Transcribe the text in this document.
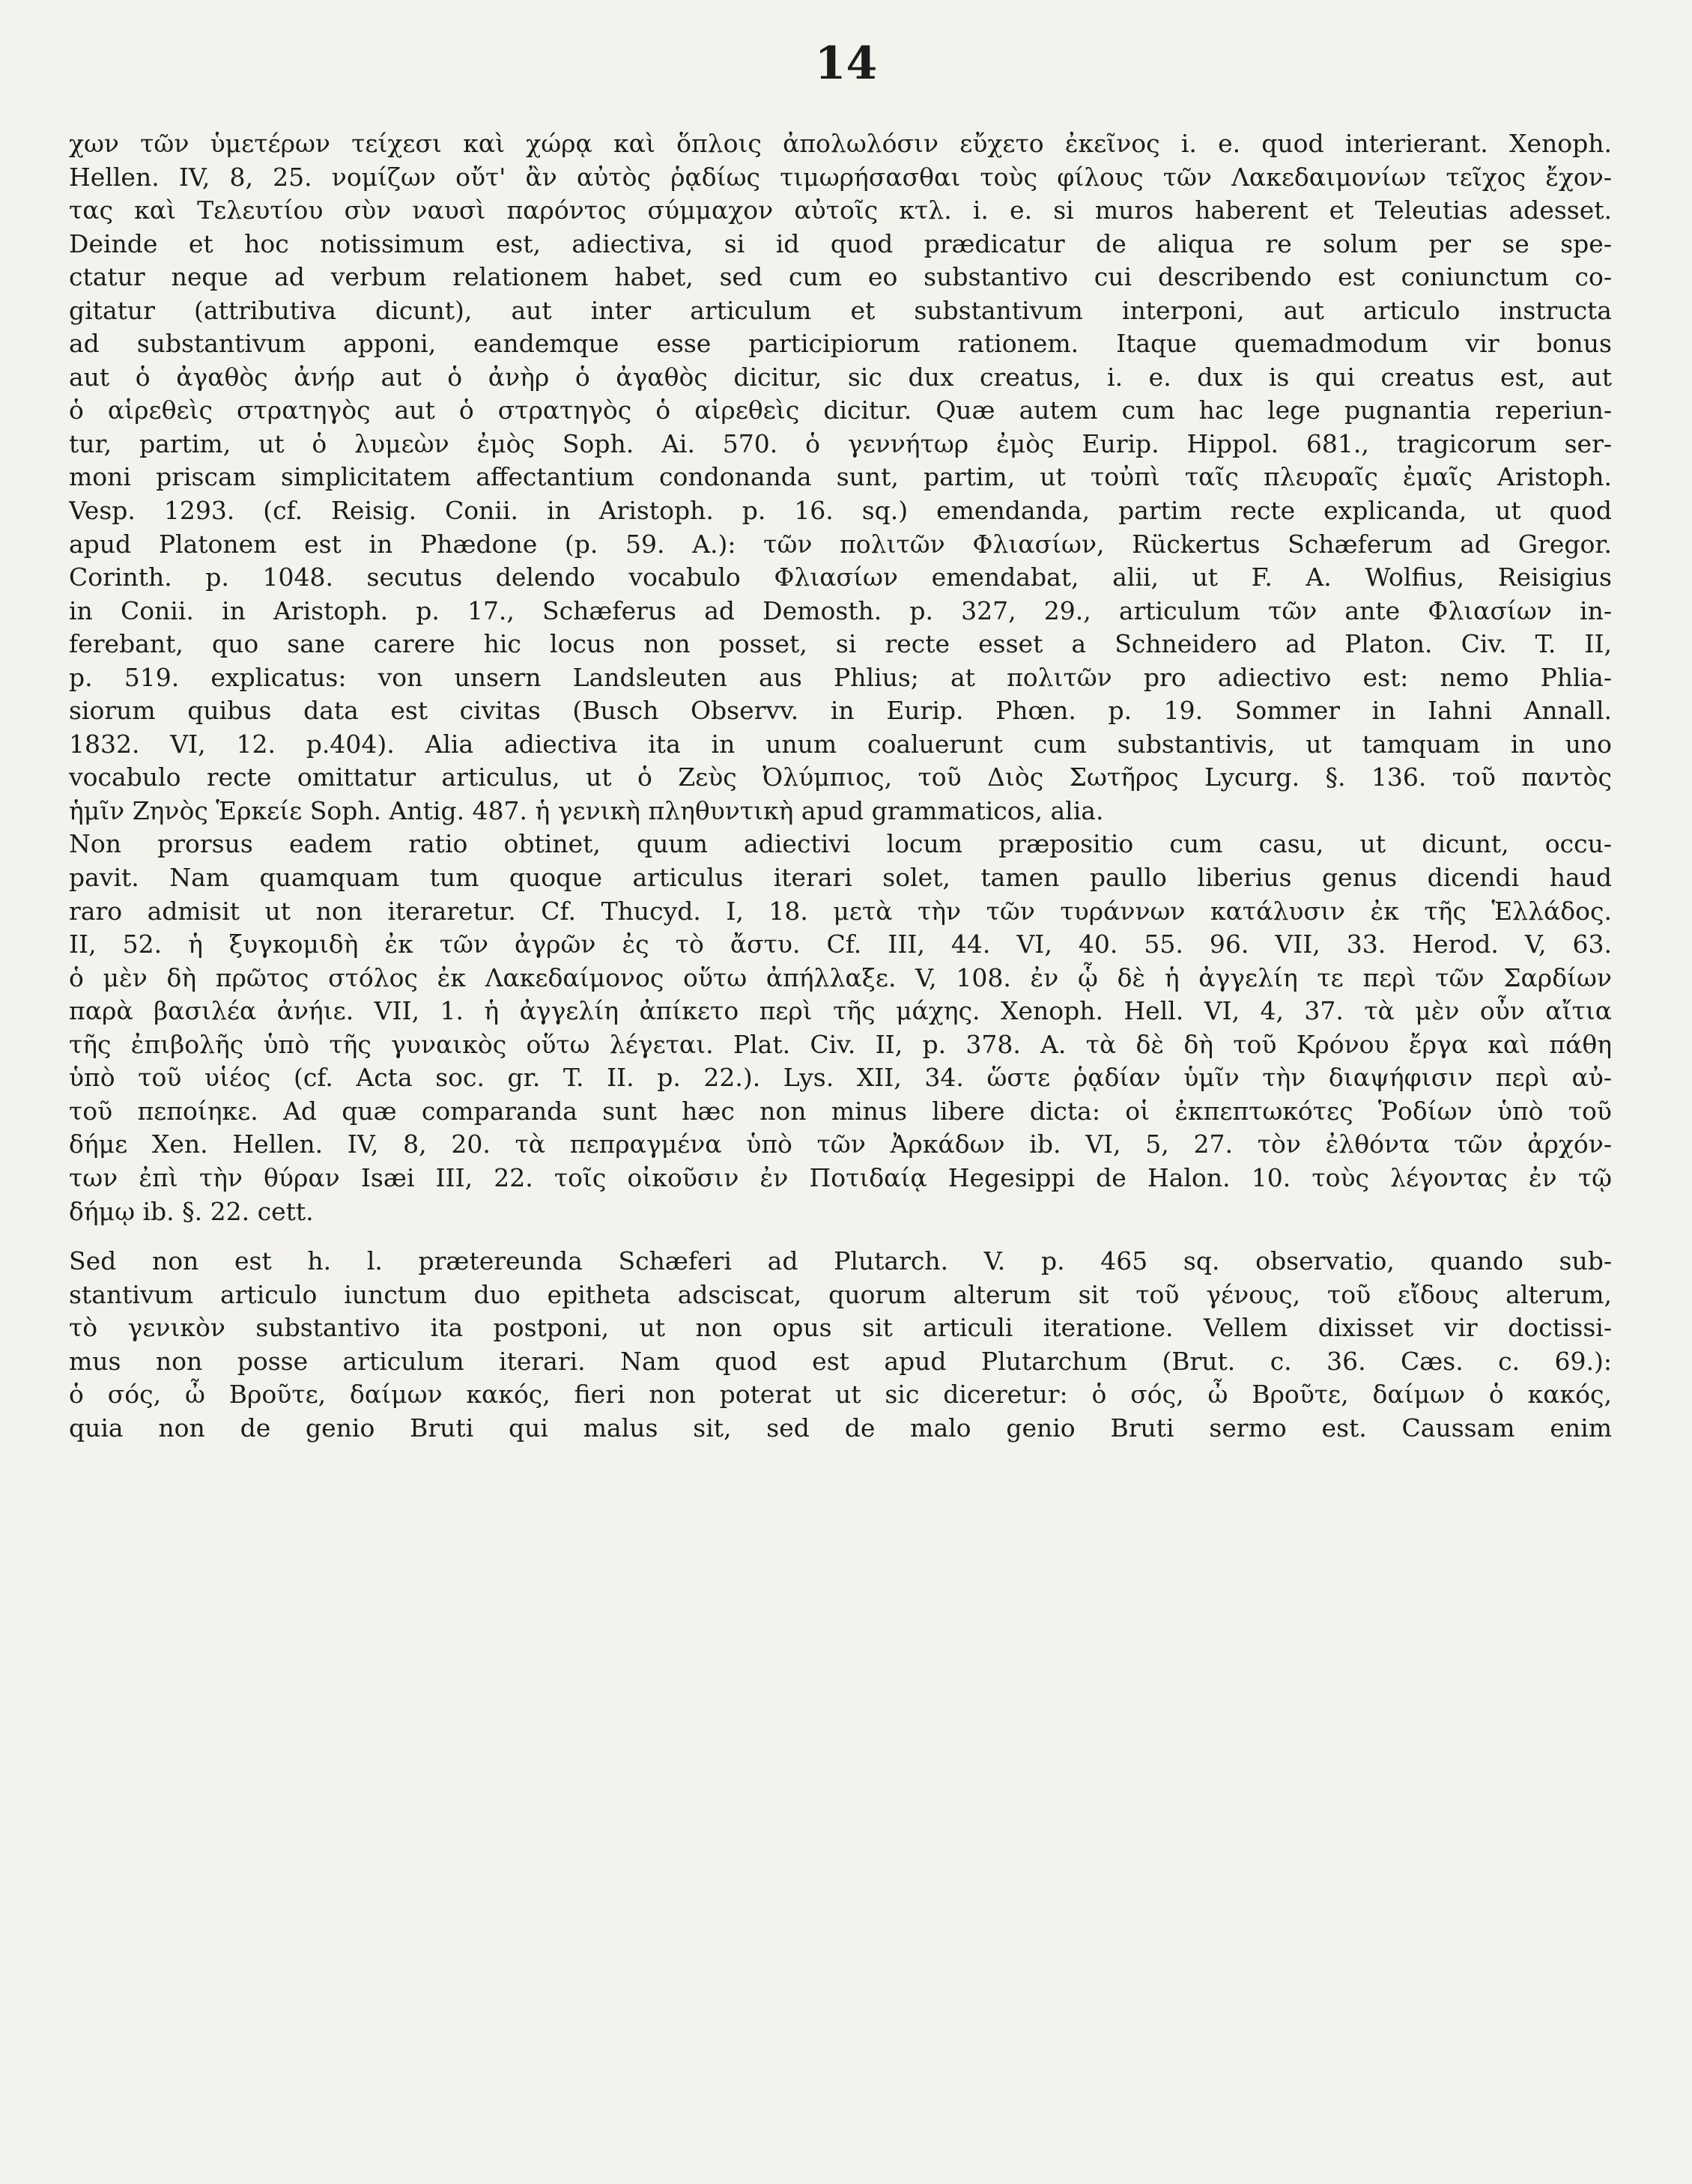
14
χων τῶν ὑμετέρων τείχεσι καὶ χώρᾳ καὶ ὅπλοις ἀπολωλόσιν εὔχετο ἐκεῖνος i. e. quod interierant. Xenoph.
Hellen. IV, 8, 25. νομίζων οὔτ' ἂν αὐτὸς ῥᾳδίως τιμωρήσασθαι τοὺς φίλους τῶν Λακεδαιμονίων τεῖχος ἔχον-
τας καὶ Τελευτίου σὺν ναυσὶ παρόντος σύμμαχον αὐτοῖς κτλ. i. e. si muros haberent et Teleutias adesset.
Deinde et hoc notissimum est, adiectiva, si id quod prædicatur de aliqua re solum per se spe-
ctatur neque ad verbum relationem habet, sed cum eo substantivo cui describendo est coniunctum co-
gitatur (attributiva dicunt), aut inter articulum et substantivum interponi, aut articulo instructa
ad substantivum apponi, eandemque esse participiorum rationem. Itaque quemadmodum vir bonus
aut ὁ ἀγαθὸς ἀνήρ aut ὁ ἀνὴρ ὁ ἀγαθὸς dicitur, sic dux creatus, i. e. dux is qui creatus est, aut
ὁ αἱρεθεὶς στρατηγὸς aut ὁ στρατηγὸς ὁ αἱρεθεὶς dicitur. Quæ autem cum hac lege pugnantia reperiun-
tur, partim, ut ὁ λυμεὼν ἐμὸς Soph. Ai. 570. ὁ γεννήτωρ ἐμὸς Eurip. Hippol. 681., tragicorum ser-
moni priscam simplicitatem affectantium condonanda sunt, partim, ut τοὐπὶ ταῖς πλευραῖς ἐμαῖς Aristoph.
Vesp. 1293. (cf. Reisig. Conii. in Aristoph. p. 16. sq.) emendanda, partim recte explicanda, ut quod
apud Platonem est in Phædone (p. 59. A.): τῶν πολιτῶν Φλιασίων, Rückertus Schæferum ad Gregor.
Corinth. p. 1048. secutus delendo vocabulo Φλιασίων emendabat, alii, ut F. A. Wolfius, Reisigius
in Conii. in Aristoph. p. 17., Schæferus ad Demosth. p. 327, 29., articulum τῶν ante Φλιασίων in-
ferebant, quo sane carere hic locus non posset, si recte esset a Schneidero ad Platon. Civ. T. II,
p. 519. explicatus: von unsern Landsleuten aus Phlius; at πολιτῶν pro adiectivo est: nemo Phlia-
siorum quibus data est civitas (Busch Observv. in Eurip. Phœn. p. 19. Sommer in Iahni Annall.
1832. VI, 12. p.404). Alia adiectiva ita in unum coaluerunt cum substantivis, ut tamquam in uno
vocabulo recte omittatur articulus, ut ὁ Ζεὺς Ὀλύμπιος, τοῦ Διὸς Σωτῆρος Lycurg. §. 136. τοῦ παντὸς
ἡμῖν Ζηνὸς Ἑρκείε Soph. Antig. 487. ἡ γενικὴ πληθυντικὴ apud grammaticos, alia.
Non prorsus eadem ratio obtinet, quum adiectivi locum præpositio cum casu, ut dicunt, occu-
pavit. Nam quamquam tum quoque articulus iterari solet, tamen paullo liberius genus dicendi haud
raro admisit ut non iteraretur. Cf. Thucyd. I, 18. μετὰ τὴν τῶν τυράννων κατάλυσιν ἐκ τῆς Ἑλλάδος.
II, 52. ἡ ξυγκομιδὴ ἐκ τῶν ἀγρῶν ἐς τὸ ἄστυ. Cf. III, 44. VI, 40. 55. 96. VII, 33. Herod. V, 63.
ὁ μὲν δὴ πρῶτος στόλος ἐκ Λακεδαίμονος οὕτω ἀπήλλαξε. V, 108. ἐν ᾧ δὲ ἡ ἀγγελίη τε περὶ τῶν Σαρδίων
παρὰ βασιλέα ἀνήιε. VII, 1. ἡ ἀγγελίη ἀπίκετο περὶ τῆς μάχης. Xenoph. Hell. VI, 4, 37. τὰ μὲν οὖν αἴτια
τῆς ἐπιβολῆς ὑπὸ τῆς γυναικὸς οὕτω λέγεται. Plat. Civ. II, p. 378. A. τὰ δὲ δὴ τοῦ Κρόνου ἔργα καὶ πάθη
ὑπὸ τοῦ υἱέος (cf. Acta soc. gr. T. II. p. 22.). Lys. XII, 34. ὥστε ῥᾳδίαν ὑμῖν τὴν διαψήφισιν περὶ αὐ-
τοῦ πεποίηκε. Ad quæ comparanda sunt hæc non minus libere dicta: οἱ ἐκπεπτωκότες Ῥοδίων ὑπὸ τοῦ
δήμε Xen. Hellen. IV, 8, 20. τὰ πεπραγμένα ὑπὸ τῶν Ἀρκάδων ib. VI, 5, 27. τὸν ἐλθόντα τῶν ἀρχόν-
των ἐπὶ τὴν θύραν Isæi III, 22. τοῖς οἰκοῦσιν ἐν Ποτιδαίᾳ Hegesippi de Halon. 10. τοὺς λέγοντας ἐν τῷ
δήμῳ ib. §. 22. cett.
Sed non est h. l. prætereunda Schæferi ad Plutarch. V. p. 465 sq. observatio, quando sub-
stantivum articulo iunctum duo epitheta adsciscat, quorum alterum sit τοῦ γένους, τοῦ εἴδους alterum,
τὸ γενικὸν substantivo ita postponi, ut non opus sit articuli iteratione. Vellem dixisset vir doctissi-
mus non posse articulum iterari. Nam quod est apud Plutarchum (Brut. c. 36. Cæs. c. 69.):
ὁ σός, ὦ Βροῦτε, δαίμων κακός, fieri non poterat ut sic diceretur: ὁ σός, ὦ Βροῦτε, δαίμων ὁ κακός,
quia non de genio Bruti qui malus sit, sed de malo genio Bruti sermo est. Caussam enim
